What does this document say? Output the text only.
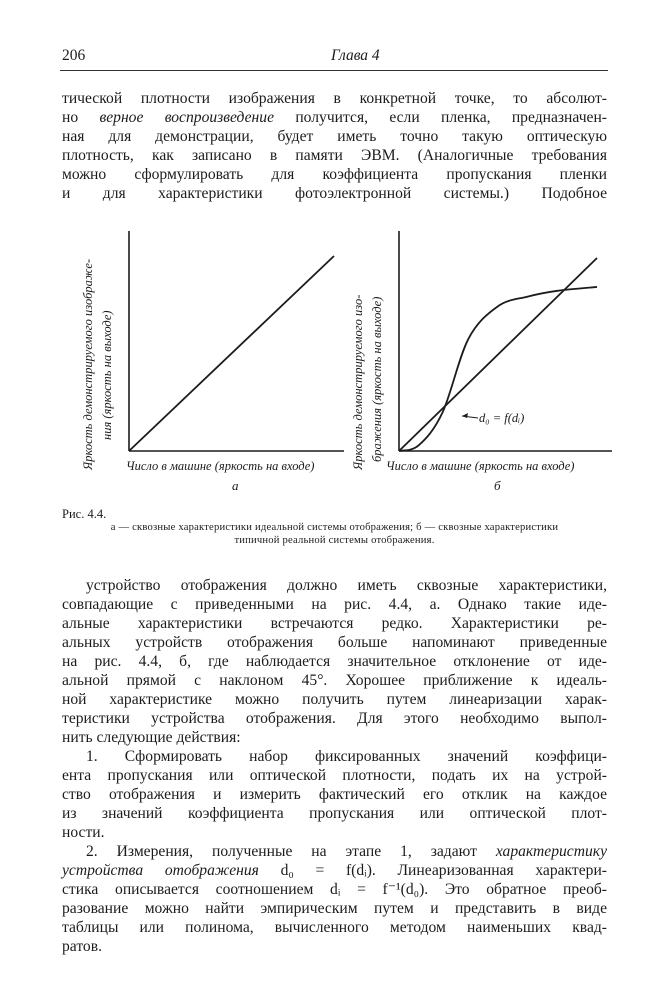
206	Глава 4

тической плотности изображения в конкретной точке, то абсолют-

но верное воспроизведение получится, если пленка, предназначен-

ная для демонстрации, будет иметь точно такую оптическую

плотность, как записано в памяти ЭВМ. (Аналогичные требования

можно сформулировать для коэффициента пропускания пленки

и для характеристики фотоэлектронной системы.) Подобное

Яркость демонстрируемого изображе- ния (яркость на выходе)
Число в машине (яркость на входе)
а
d₀ = f(dᵢ)
Яркость демонстрируемого изо- бражения (яркость на выходе)
Число в машине (яркость на входе)
б
Рис. 4.4.
а — сквозные характеристики идеальной системы отображения; б — сквозные характеристики
типичной реальной системы отображения.

устройство отображения должно иметь сквозные характеристики,

совпадающие с приведенными на рис. 4.4, а. Однако такие иде-

альные характеристики встречаются редко. Характеристики ре-

альных устройств отображения больше напоминают приведенные

на рис. 4.4, б, где наблюдается значительное отклонение от иде-

альной прямой с наклоном 45°. Хорошее приближение к идеаль-

ной характеристике можно получить путем линеаризации харак-

теристики устройства отображения. Для этого необходимо выпол-

нить следующие действия:

1. Сформировать набор фиксированных значений коэффици-

ента пропускания или оптической плотности, подать их на устрой-

ство отображения и измерить фактический его отклик на каждое

из значений коэффициента пропускания или оптической плот-

ности.

2. Измерения, полученные на этапе 1, задают характеристику

устройства отображения d₀ = f(dᵢ). Линеаризованная характери-

стика описывается соотношением dᵢ = f⁻¹(d₀). Это обратное преоб-

разование можно найти эмпирическим путем и представить в виде

таблицы или полинома, вычисленного методом наименьших квад-

ратов.
